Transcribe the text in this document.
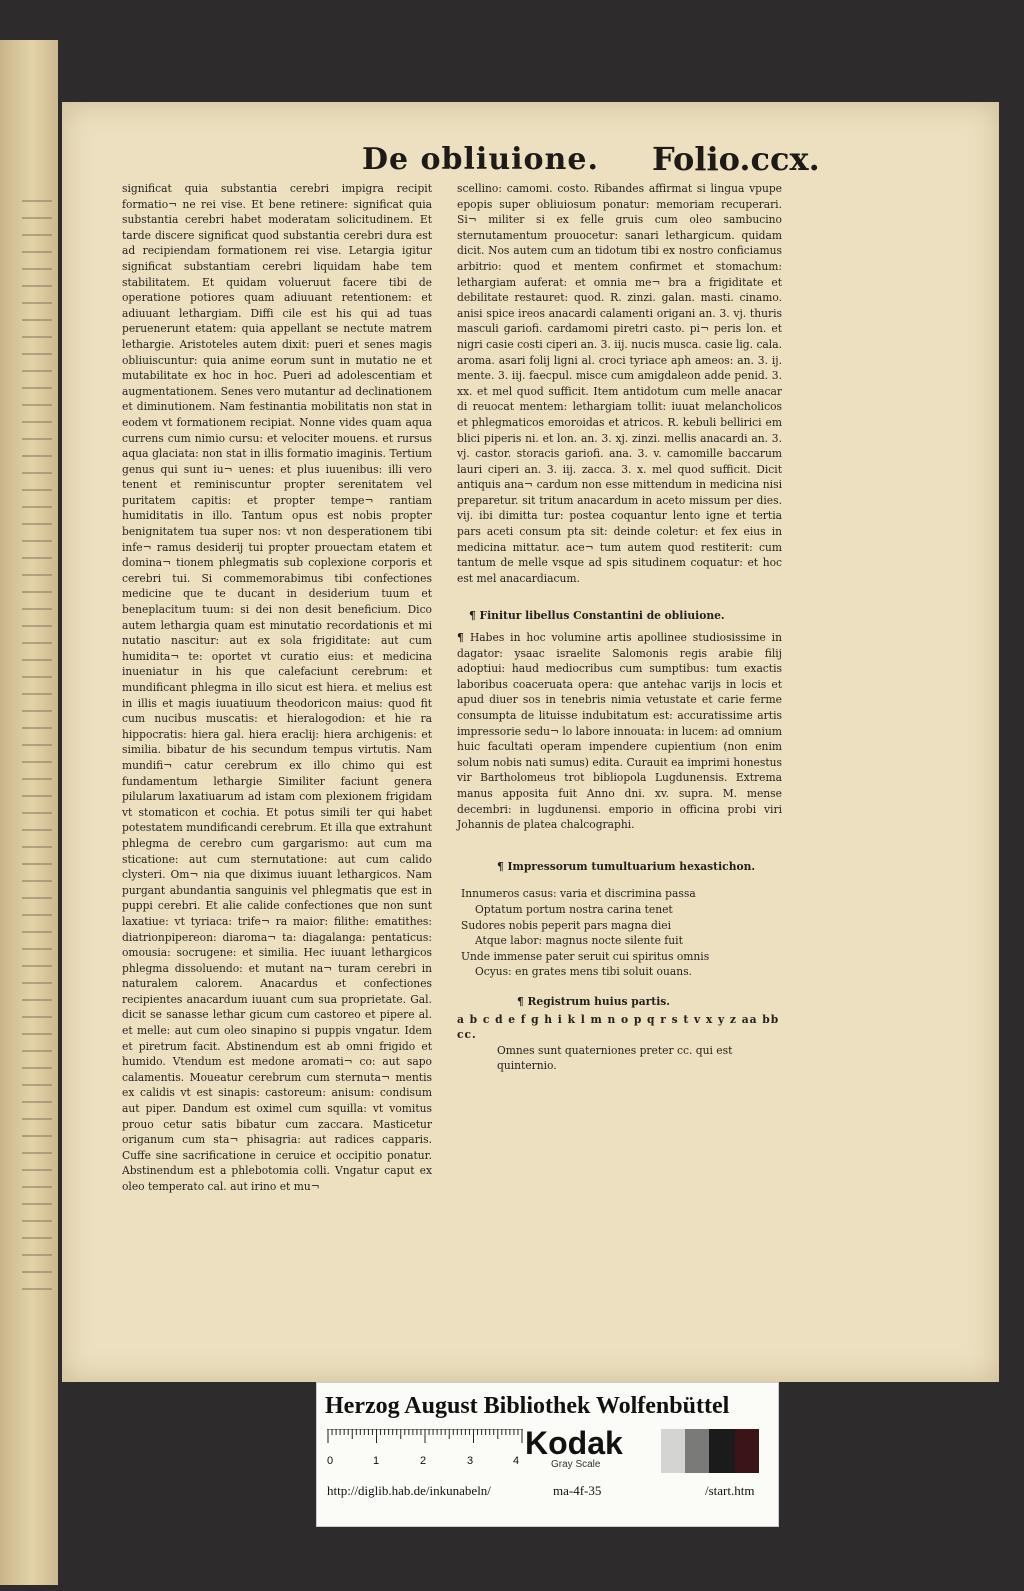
De obliuione. Folio.ccx.

significat quia substantia cerebri impigra recipit formatio¬ ne rei vise. Et bene retinere: significat quia substantia cerebri habet moderatam solicitudinem. Et tarde discere significat quod substantia cerebri dura est ad recipiendam formationem rei vise. Letargia igitur significat substantiam cerebri liquidam habe tem stabilitatem. Et quidam volueruut facere tibi de operatione potiores quam adiuuant retentionem: et adiuuant lethargiam. Diffi cile est his qui ad tuas peruenerunt etatem: quia appellant se nectute matrem lethargie. Aristoteles autem dixit: pueri et senes magis obliuiscuntur: quia anime eorum sunt in mutatio ne et mutabilitate ex hoc in hoc. Pueri ad adolescentiam et augmentationem. Senes vero mutantur ad declinationem et diminutionem. Nam festinantia mobilitatis non stat in eodem vt formationem recipiat. Nonne vides quam aqua currens cum nimio cursu: et velociter mouens. et rursus aqua glaciata: non stat in illis formatio imaginis. Tertium genus qui sunt iu¬ uenes: et plus iuuenibus: illi vero tenent et reminiscuntur propter serenitatem vel puritatem capitis: et propter tempe¬ rantiam humiditatis in illo. Tantum opus est nobis propter benignitatem tua super nos: vt non desperationem tibi infe¬ ramus desiderij tui propter prouectam etatem et domina¬ tionem phlegmatis sub coplexione corporis et cerebri tui. Si commemorabimus tibi confectiones medicine que te ducant in desiderium tuum et beneplacitum tuum: si dei non desit beneficium. Dico autem lethargia quam est minutatio recordationis et mi nutatio nascitur: aut ex sola frigiditate: aut cum humidita¬ te: oportet vt curatio eius: et medicina inueniatur in his que calefaciunt cerebrum: et mundificant phlegma in illo sicut est hiera. et melius est in illis et magis iuuatiuum theodoricon maius: quod fit cum nucibus muscatis: et hieralogodion: et hie ra hippocratis: hiera gal. hiera eraclij: hiera archigenis: et similia. bibatur de his secundum tempus virtutis. Nam mundifi¬ catur cerebrum ex illo chimo qui est fundamentum lethargie Similiter faciunt genera pilularum laxatiuarum ad istam com plexionem frigidam vt stomaticon et cochia. Et potus simili ter qui habet potestatem mundificandi cerebrum. Et illa que extrahunt phlegma de cerebro cum gargarismo: aut cum ma sticatione: aut cum sternutatione: aut cum calido clysteri. Om¬ nia que diximus iuuant lethargicos. Nam purgant abundantia sanguinis vel phlegmatis que est in puppi cerebri. Et alie calide confectiones que non sunt laxatiue: vt tyriaca: trife¬ ra maior: filithe: ematithes: diatrionpipereon: diaroma¬ ta: diagalanga: pentaticus: omousia: socrugene: et similia. Hec iuuant lethargicos phlegma dissoluendo: et mutant na¬ turam cerebri in naturalem calorem. Anacardus et confectiones recipientes anacardum iuuant cum sua proprietate. Gal. dicit se sanasse lethar gicum cum castoreo et pipere al. et melle: aut cum oleo sinapino si puppis vngatur. Idem et piretrum facit. Abstinendum est ab omni frigido et humido. Vtendum est medone aromati¬ co: aut sapo calamentis. Moueatur cerebrum cum sternuta¬ mentis ex calidis vt est sinapis: castoreum: anisum: condisum aut piper. Dandum est oximel cum squilla: vt vomitus prouo cetur satis bibatur cum zaccara. Masticetur origanum cum sta¬ phisagria: aut radices capparis. Cuffe sine sacrificatione in ceruice et occipitio ponatur. Abstinendum est a phlebotomia colli. Vngatur caput ex oleo temperato cal. aut irino et mu¬

scellino: camomi. costo. Ribandes affirmat si lingua vpupe epopis super obliuiosum ponatur: memoriam recuperari. Si¬ militer si ex felle gruis cum oleo sambucino sternutamentum prouocetur: sanari lethargicum. quidam dicit. Nos autem cum an tidotum tibi ex nostro conficiamus arbitrio: quod et mentem confirmet et stomachum: lethargiam auferat: et omnia me¬ bra a frigiditate et debilitate restauret: quod. R. zinzi. galan. masti. cinamo. anisi spice ireos anacardi calamenti origani an. 3. vj. thuris masculi gariofi. cardamomi piretri casto. pi¬ peris lon. et nigri casie costi ciperi an. 3. iij. nucis musca. casie lig. cala. aroma. asari folij ligni al. croci tyriace aph ameos: an. 3. ij. mente. 3. iij. faecpul. misce cum amigdaleon adde penid. 3. xx. et mel quod sufficit. Item antidotum cum melle anacar di reuocat mentem: lethargiam tollit: iuuat melancholicos et phlegmaticos emoroidas et atricos. R. kebuli bellirici em blici piperis ni. et lon. an. 3. xj. zinzi. mellis anacardi an. 3. vj. castor. storacis gariofi. ana. 3. v. camomille baccarum lauri ciperi an. 3. iij. zacca. 3. x. mel quod sufficit. Dicit antiquis ana¬ cardum non esse mittendum in medicina nisi preparetur. sit tritum anacardum in aceto missum per dies. vij. ibi dimitta tur: postea coquantur lento igne et tertia pars aceti consum pta sit: deinde coletur: et fex eius in medicina mittatur. ace¬ tum autem quod restiterit: cum tantum de melle vsque ad spis situdinem coquatur: et hoc est mel anacardiacum.

¶ Finitur libellus Constantini de obliuione.

¶ Habes in hoc volumine artis apollinee studiosissime in dagator: ysaac israelite Salomonis regis arabie filij adoptiui: haud mediocribus cum sumptibus: tum exactis laboribus coaceruata opera: que antehac varijs in locis et apud diuer sos in tenebris nimia vetustate et carie ferme consumpta de lituisse indubitatum est: accuratissime artis impressorie sedu¬ lo labore innouata: in lucem: ad omnium huic facultati operam impendere cupientium (non enim solum nobis nati sumus) edita. Curauit ea imprimi honestus vir Bartholomeus trot bibliopola Lugdunensis. Extrema manus apposita fuit Anno dni. xv. supra. M. mense decembri: in lugdunensi. emporio in officina probi viri Johannis de platea chalcographi.

¶ Impressorum tumultuarium hexastichon.
Innumeros casus: varia et discrimina passa
Optatum portum nostra carina tenet
Sudores nobis peperit pars magna diei
Atque labor: magnus nocte silente fuit
Unde immense pater seruit cui spiritus omnis
Ocyus: en grates mens tibi soluit ouans.
¶ Registrum huius partis.
a b c d e f g h i k l m n o p q r s t v x y z aa bb cc.
Omnes sunt quaterniones preter cc. qui est quinternio.
Herzog August Bibliothek Wolfenbüttel
0	1	2	3	4 Kodak
Gray Scale
http://diglib.hab.de/inkunabeln/	ma-4f-35	/start.htm
